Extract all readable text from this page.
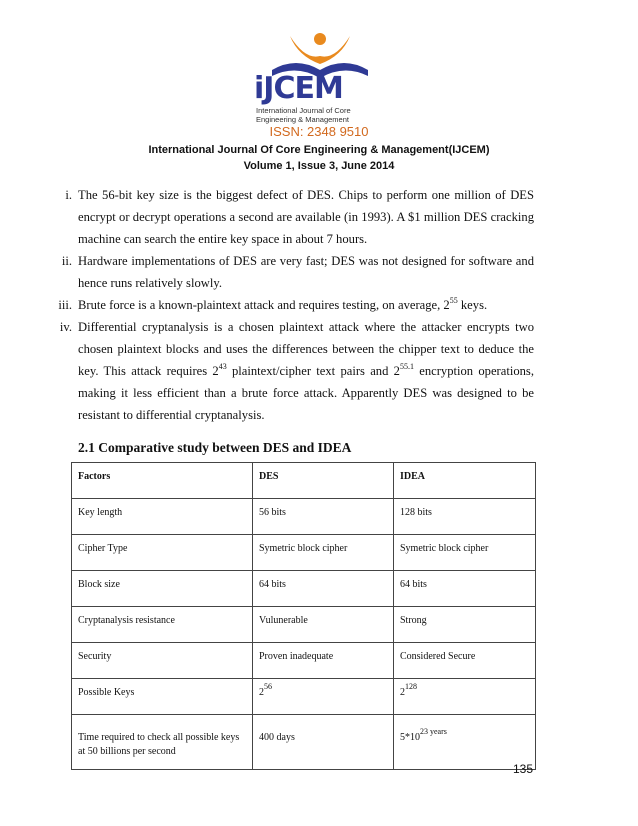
iJCEM
International Journal of Core Engineering & Management
ISSN: 2348 9510
International Journal Of Core Engineering & Management(IJCEM)
Volume 1, Issue 3, June 2014
i. The 56-bit key size is the biggest defect of DES. Chips to perform one million of DES encrypt or decrypt operations a second are available (in 1993). A $1 million DES cracking machine can search the entire key space in about 7 hours.
ii. Hardware implementations of DES are very fast; DES was not designed for software and hence runs relatively slowly.
iii. Brute force is a known-plaintext attack and requires testing, on average, $2^{55}$ keys.
iv. Differential cryptanalysis is a chosen plaintext attack where the attacker encrypts two chosen plaintext blocks and uses the differences between the chipper text to deduce the key. This attack requires $2^{43}$ plaintext/cipher text pairs and $2^{55.1}$ encryption operations, making it less efficient than a brute force attack. Apparently DES was designed to be resistant to differential cryptanalysis.
2.1 Comparative study between DES and IDEA
Factors	DES	IDEA
Key length	56 bits	128 bits
Cipher Type	Symetric block cipher	Symetric block cipher
Block size	64 bits	64 bits
Cryptanalysis resistance	Vulunerable	Strong
Security	Proven inadequate	Considered Secure
Possible Keys	$2^{56}$	$2^{128}$
Time required to check all possible keys at 50 billions per second	400 days	$5*10^{23 years}$
135
